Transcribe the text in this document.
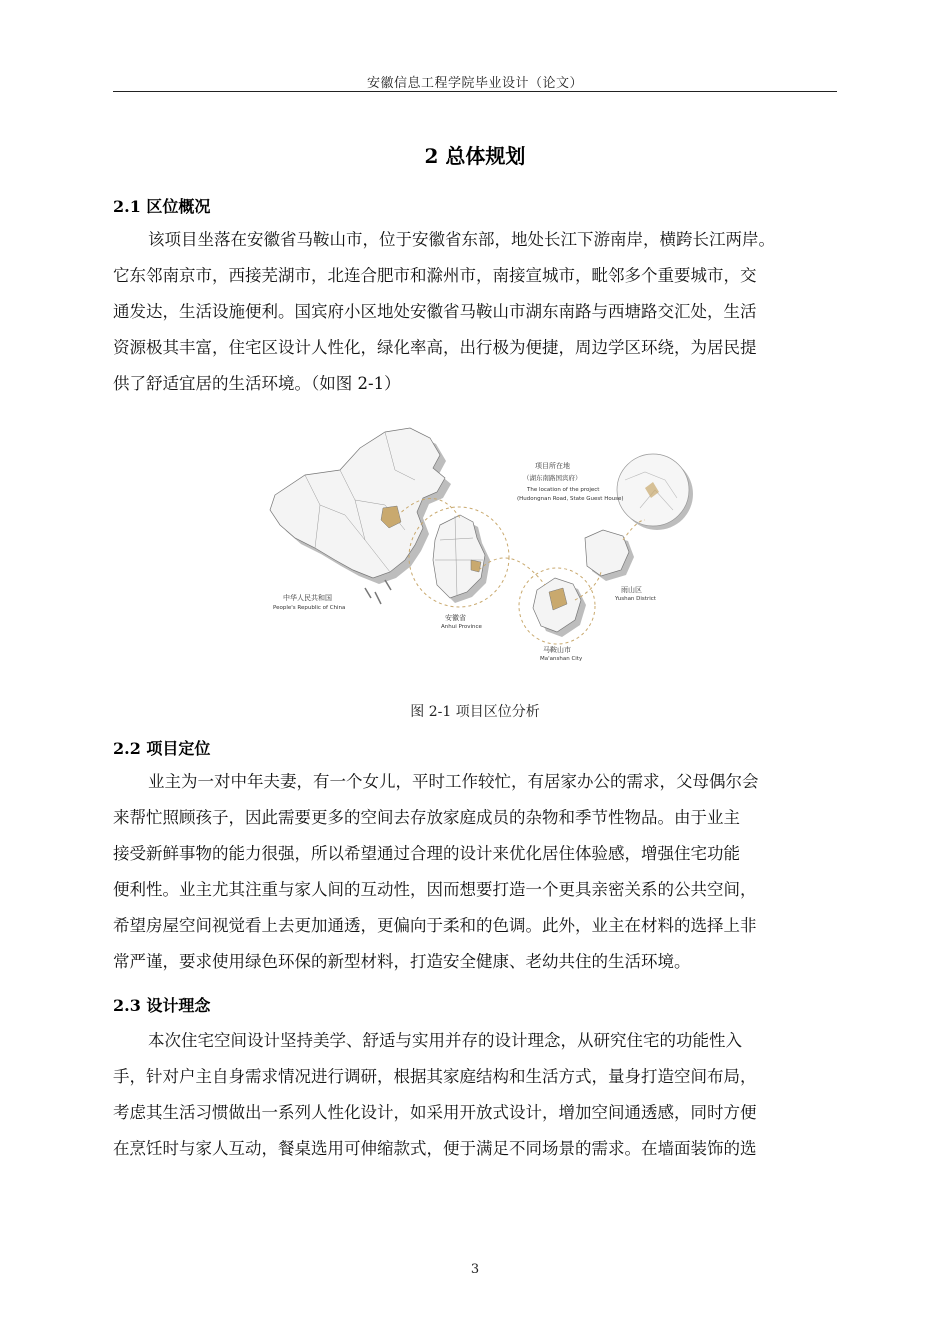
安徽信息工程学院毕业设计（论文）
2 总体规划
2.1 区位概况
该项目坐落在安徽省马鞍山市，位于安徽省东部，地处长江下游南岸，横跨长江两岸。
它东邻南京市，西接芜湖市，北连合肥市和滁州市，南接宣城市，毗邻多个重要城市，交
通发达，生活设施便利。国宾府小区地处安徽省马鞍山市湖东南路与西塘路交汇处，生活
资源极其丰富，住宅区设计人性化，绿化率高，出行极为便捷，周边学区环绕，为居民提
供了舒适宜居的生活环境。（如图 2-1）
中华人民共和国
People's Republic of China
安徽省
Anhui Province
马鞍山市
Ma'anshan City
雨山区
Yushan District
项目所在地
（湖东南路国宾府）
The location of the project
(Hudongnan Road, State Guest House)
图 2-1 项目区位分析
2.2 项目定位
业主为一对中年夫妻，有一个女儿，平时工作较忙，有居家办公的需求，父母偶尔会
来帮忙照顾孩子，因此需要更多的空间去存放家庭成员的杂物和季节性物品。由于业主
接受新鲜事物的能力很强，所以希望通过合理的设计来优化居住体验感，增强住宅功能
便利性。业主尤其注重与家人间的互动性，因而想要打造一个更具亲密关系的公共空间，
希望房屋空间视觉看上去更加通透，更偏向于柔和的色调。此外，业主在材料的选择上非
常严谨，要求使用绿色环保的新型材料，打造安全健康、老幼共住的生活环境。
2.3 设计理念
本次住宅空间设计坚持美学、舒适与实用并存的设计理念，从研究住宅的功能性入
手，针对户主自身需求情况进行调研，根据其家庭结构和生活方式，量身打造空间布局，
考虑其生活习惯做出一系列人性化设计，如采用开放式设计，增加空间通透感，同时方便
在烹饪时与家人互动，餐桌选用可伸缩款式，便于满足不同场景的需求。在墙面装饰的选
3
